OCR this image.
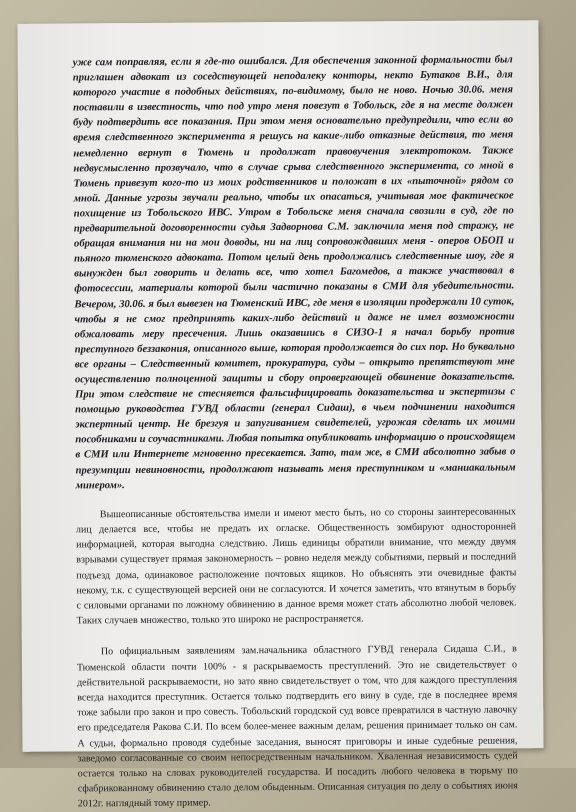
уже сам поправляя, если я где-то ошибался. Для обеспечения законной формальности был приглашен адвокат из соседствующей неподалеку конторы, некто Бутаков В.И., для которого участие в подобных действиях, по-видимому, было не ново. Ночью 30.06. меня поставили в известность, что под утро меня повезут в Тобольск, где я на месте должен буду подтвердить все показания. При этом меня основательно предупредили, что если во время следственного эксперимента я решусь на какие-либо отказные действия, то меня немедленно вернут в Тюмень и продолжат правовучения электротоком. Также недвусмысленно прозвучало, что в случае срыва следственного эксперимента, со мной в Тюмень привезут кого-то из моих родственников и положат в их «пыточной» рядом со мной. Данные угрозы звучали реально, чтобы их опасаться, учитывая мое фактическое похищение из Тобольского ИВС. Утром в Тобольске меня сначала свозили в суд, где по предварительной договоренности судья Задворнова С.М. заключила меня под стражу, не обращая внимания ни на мои доводы, ни на лиц сопровождавших меня - оперов ОБОП и пьяного тюменского адвоката. Потом целый день продолжались следственные шоу, где я вынужден был говорить и делать все, что хотел Багомедов, а также участвовал в фотосессии, материалы которой были частично показаны в СМИ для убедительности. Вечером, 30.06. я был вывезен на Тюменский ИВС, где меня в изоляции продержали 10 суток, чтобы я не смог предпринять каких-либо действий и даже не имел возможности обжаловать меру пресечения. Лишь оказавшись в СИЗО-1 я начал борьбу против преступного беззакония, описанного выше, которая продолжается до сих пор. Но буквально все органы – Следственный комитет, прокуратура, суды – открыто препятствуют мне осуществлению полноценной защиты и сбору опровергающей обвинение доказательств. При этом следствие не стесняется фальсифицировать доказательства и экспертизы с помощью руководства ГУВД области (генерал Сидаш), в чьем подчинении находится экспертный центр. Не брезгуя и запугиванием свидетелей, угрожая сделать их моими пособниками и соучастниками. Любая попытка опубликовать информацию о происходящем в СМИ или Интернете мгновенно пресекается. Зато, там же, в СМИ абсолютно забыв о презумпции невиновности, продолжают называть меня преступником и «маниакальным минером».

Вышеописанные обстоятельства имели и имеют место быть, но со стороны заинтересованных лиц делается все, чтобы не предать их огласке. Общественность зомбируют односторонней информацией, которая выгодна следствию. Лишь единицы обратили внимание, что между двумя взрывами существует прямая закономерность – ровно неделя между событиями, первый и последний подъезд дома, одинаковое расположение почтовых ящиков. Но объяснять эти очевидные факты некому, т.к. с существующей версией они не согласуются. И хочется заметить, что втянутым в борьбу с силовыми органами по ложному обвинению в данное время может стать абсолютно любой человек. Таких случаев множество, только это широко не распространяется.

По официальным заявлениям зам.начальника областного ГУВД генерала Сидаша С.И., в Тюменской области почти 100% - я раскрываемость преступлений. Это не свидетельствует о действительной раскрываемости, но зато явно свидетельствует о том, что для каждого преступления всегда находится преступник. Остается только подтвердить его вину в суде, где в последнее время тоже забыли про закон и про совесть. Тобольский городской суд вовсе превратился в частную лавочку его председателя Ракова С.И. По всем более-менее важным делам, решения принимает только он сам. А судьи, формально проводя судебные заседания, выносят приговоры и иные судебные решения, заведомо согласованные со своим непосредственным начальником. Хваленная независимость судей остается только на словах руководителей государства. И посадить любого человека в тюрьму по сфабрикованному обвинению стало делом обыденным. Описанная ситуация по делу о событиях июня 2012г. наглядный тому пример.
